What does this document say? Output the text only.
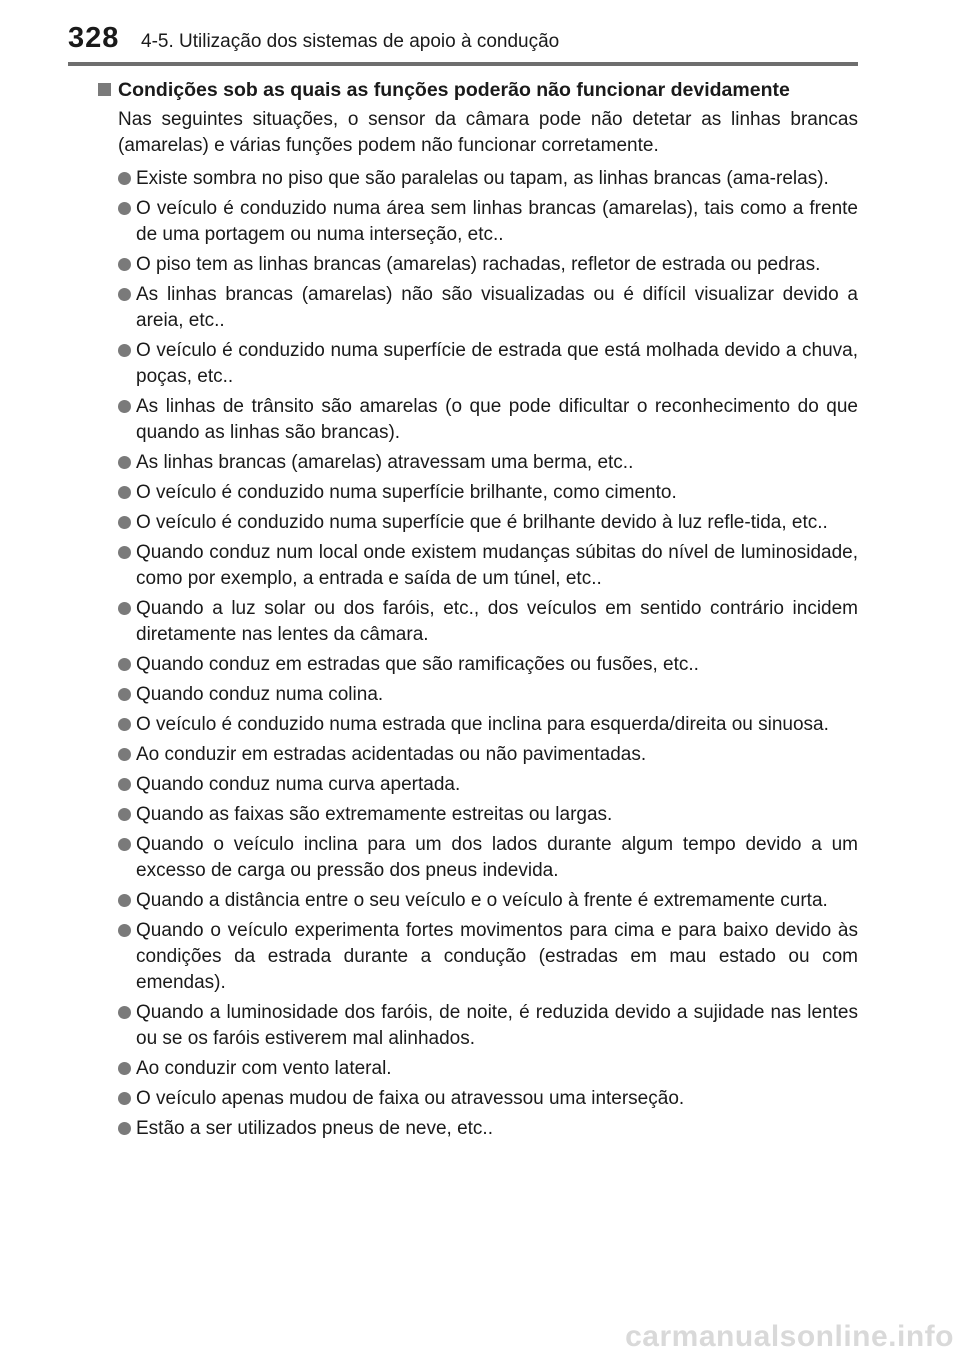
328 4-5. Utilização dos sistemas de apoio à condução
Condições sob as quais as funções poderão não funcionar devidamente

Nas seguintes situações, o sensor da câmara pode não detetar as linhas brancas (amarelas) e várias funções podem não funcionar corretamente.

Existe sombra no piso que são paralelas ou tapam, as linhas brancas (ama-relas).
O veículo é conduzido numa área sem linhas brancas (amarelas), tais como a frente de uma portagem ou numa interseção, etc..
O piso tem as linhas brancas (amarelas) rachadas, refletor de estrada ou pedras.
As linhas brancas (amarelas) não são visualizadas ou é difícil visualizar devido a areia, etc..
O veículo é conduzido numa superfície de estrada que está molhada devido a chuva, poças, etc..
As linhas de trânsito são amarelas (o que pode dificultar o reconhecimento do que quando as linhas são brancas).
As linhas brancas (amarelas) atravessam uma berma, etc..
O veículo é conduzido numa superfície brilhante, como cimento.
O veículo é conduzido numa superfície que é brilhante devido à luz refle-tida, etc..
Quando conduz num local onde existem mudanças súbitas do nível de luminosidade, como por exemplo, a entrada e saída de um túnel, etc..
Quando a luz solar ou dos faróis, etc., dos veículos em sentido contrário incidem diretamente nas lentes da câmara.
Quando conduz em estradas que são ramificações ou fusões, etc..
Quando conduz numa colina.
O veículo é conduzido numa estrada que inclina para esquerda/direita ou sinuosa.
Ao conduzir em estradas acidentadas ou não pavimentadas.
Quando conduz numa curva apertada.
Quando as faixas são extremamente estreitas ou largas.
Quando o veículo inclina para um dos lados durante algum tempo devido a um excesso de carga ou pressão dos pneus indevida.
Quando a distância entre o seu veículo e o veículo à frente é extremamente curta.
Quando o veículo experimenta fortes movimentos para cima e para baixo devido às condições da estrada durante a condução (estradas em mau estado ou com emendas).
Quando a luminosidade dos faróis, de noite, é reduzida devido a sujidade nas lentes ou se os faróis estiverem mal alinhados.
Ao conduzir com vento lateral.
O veículo apenas mudou de faixa ou atravessou uma interseção.
Estão a ser utilizados pneus de neve, etc..
carmanualsonline.info
